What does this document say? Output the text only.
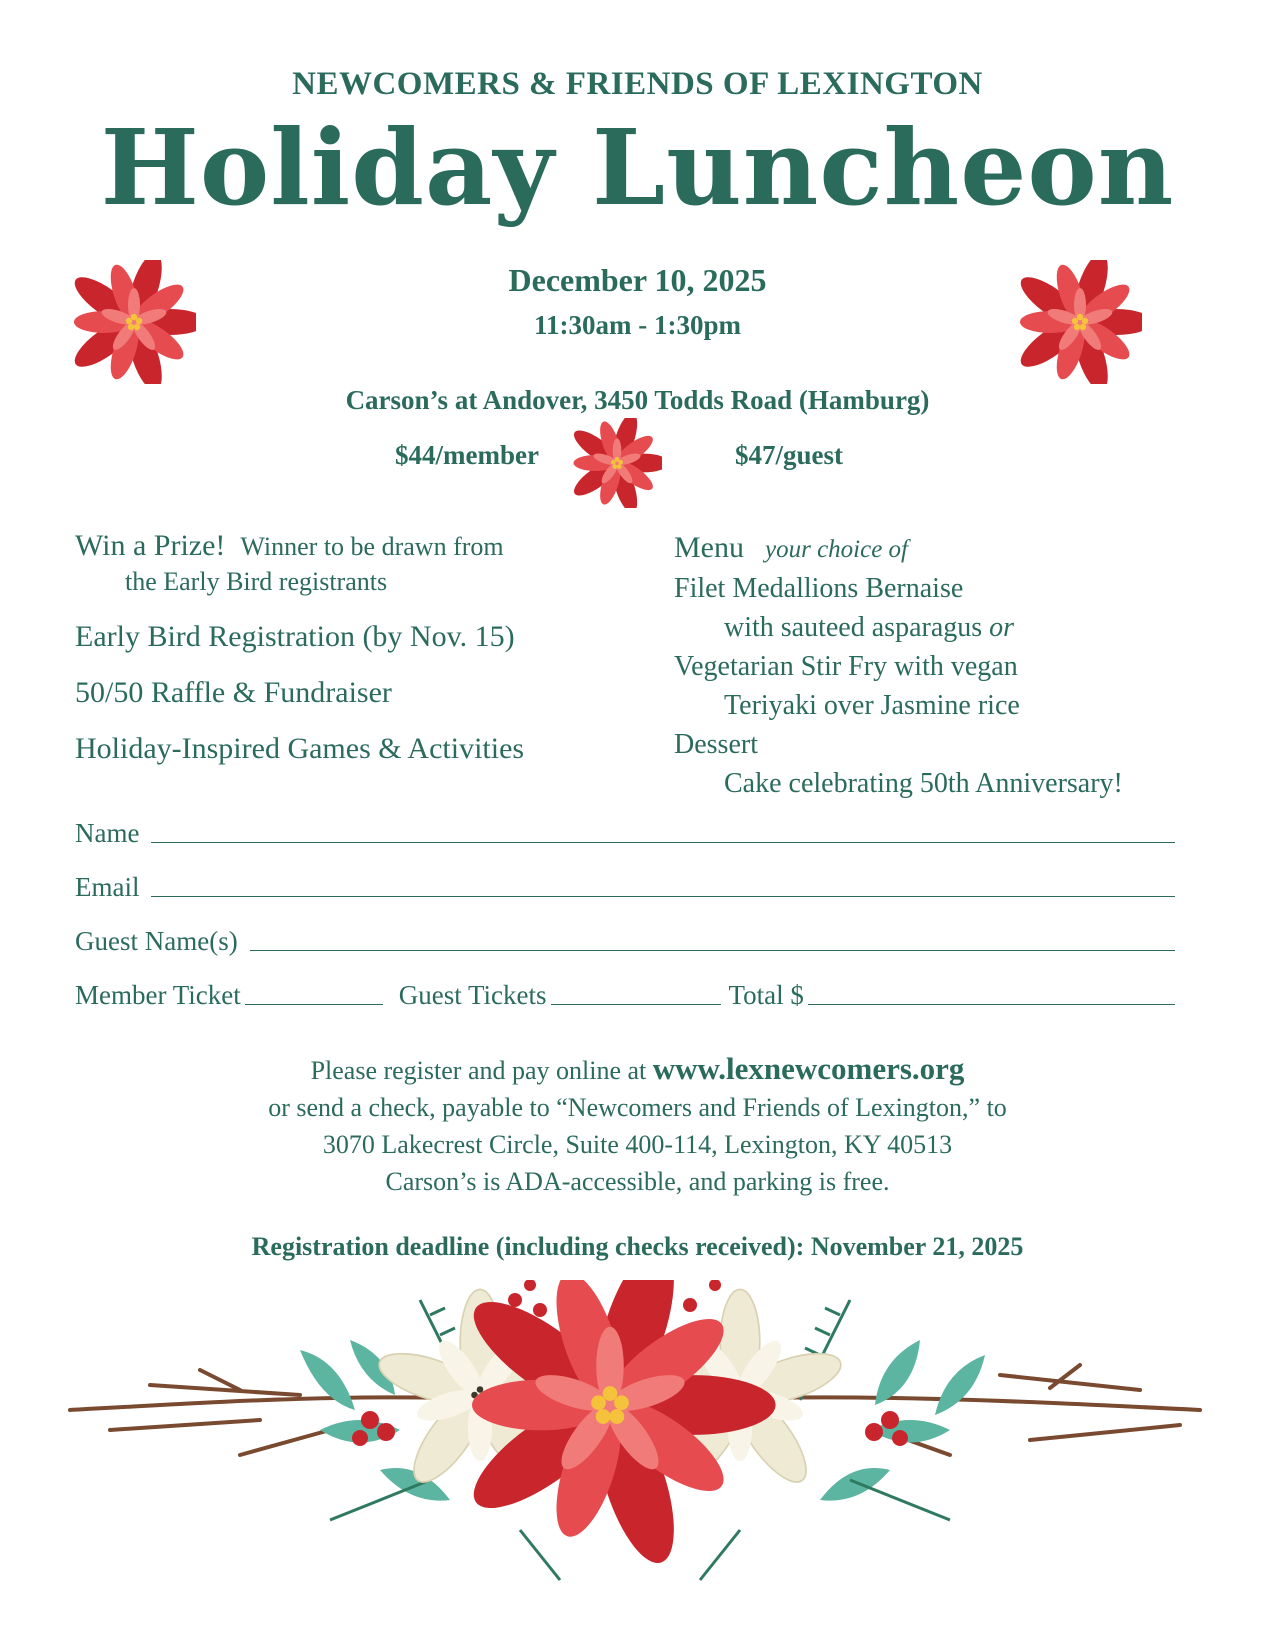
NEWCOMERS & FRIENDS OF LEXINGTON
Holiday Luncheon
December 10, 2025
11:30am - 1:30pm
Carson’s at Andover, 3450 Todds Road (Hamburg)
$44/member	$47/guest
Win a Prize! Winner to be drawn from
the Early Bird registrants
Early Bird Registration (by Nov. 15)
50/50 Raffle & Fundraiser
Holiday-Inspired Games & Activities
Menu your choice of
Filet Medallions Bernaise
with sauteed asparagus or
Vegetarian Stir Fry with vegan
Teriyaki over Jasmine rice
Dessert
Cake celebrating 50th Anniversary!
Name
Email
Guest Name(s)
Member Ticket	Guest Tickets	Total $
Please register and pay online at www.lexnewcomers.org
or send a check, payable to “Newcomers and Friends of Lexington,” to
3070 Lakecrest Circle, Suite 400-114, Lexington, KY 40513
Carson’s is ADA-accessible, and parking is free.
Registration deadline (including checks received): November 21, 2025
